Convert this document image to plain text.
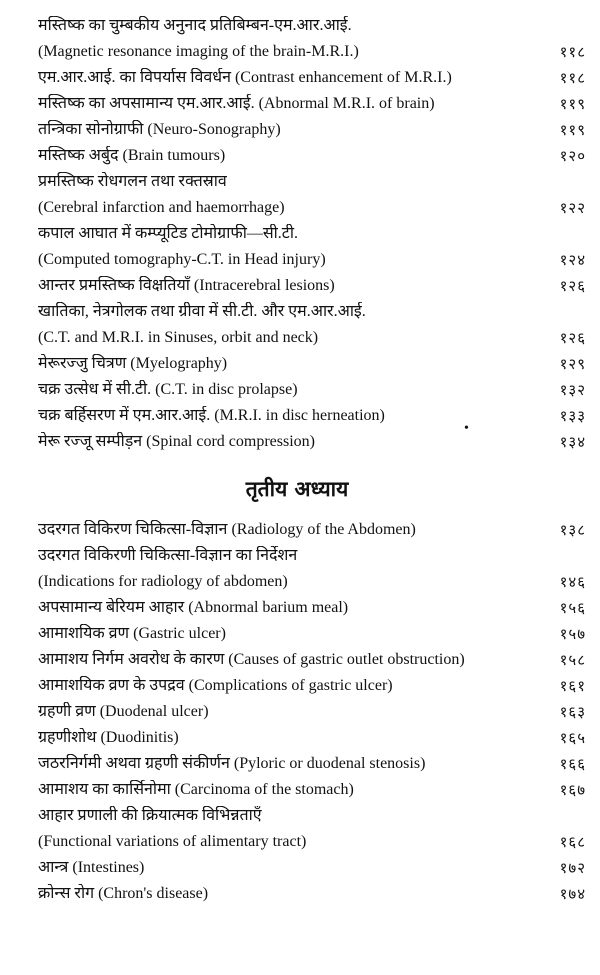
मस्तिष्क का चुम्बकीय अनुनाद प्रतिबिम्बन-एम.आर.आई.
(Magnetic resonance imaging of the brain-M.R.I.)	११८
एम.आर.आई. का विपर्यास विवर्धन (Contrast enhancement of M.R.I.)	११८
मस्तिष्क का अपसामान्य एम.आर.आई. (Abnormal M.R.I. of brain)	११९
तन्त्रिका सोनोग्राफी (Neuro-Sonography)	११९
मस्तिष्क अर्बुद (Brain tumours)	१२०
प्रमस्तिष्क रोधगलन तथा रक्तस्राव
(Cerebral infarction and haemorrhage)	१२२
कपाल आघात में कम्प्यूटिड टोमोग्राफी—सी.टी.
(Computed tomography-C.T. in Head injury)	१२४
आन्तर प्रमस्तिष्क विक्षतियाँ (Intracerebral lesions)	१२६
खातिका, नेत्रगोलक तथा ग्रीवा में सी.टी. और एम.आर.आई.
(C.T. and M.R.I. in Sinuses, orbit and neck)	१२६
मेरूरज्जु चित्रण (Myelography)	१२९
चक्र उत्सेध में सी.टी. (C.T. in disc prolapse)	१३२
चक्र बर्हिसरण में एम.आर.आई. (M.R.I. in disc herneation)	१३३
मेरू रज्जू सम्पीड़न (Spinal cord compression)	१३४
तृतीय अध्याय
उदरगत विकिरण चिकित्सा-विज्ञान (Radiology of the Abdomen)	१३८
उदरगत विकिरणी चिकित्सा-विज्ञान का निर्देशन
(Indications for radiology of abdomen)	१४६
अपसामान्य बेरियम आहार (Abnormal barium meal)	१५६
आमाशयिक व्रण (Gastric ulcer)	१५७
आमाशय निर्गम अवरोध के कारण (Causes of gastric outlet obstruction)	१५८
आमाशयिक व्रण के उपद्रव (Complications of gastric ulcer)	१६१
ग्रहणी व्रण (Duodenal ulcer)	१६३
ग्रहणीशोथ (Duodinitis)	१६५
जठरनिर्गमी अथवा ग्रहणी संकीर्णन (Pyloric or duodenal stenosis)	१६६
आमाशय का कार्सिनोमा (Carcinoma of the stomach)	१६७
आहार प्रणाली की क्रियात्मक विभिन्नताएँ
(Functional variations of alimentary tract)	१६८
आन्त्र (Intestines)	१७२
क्रोन्स रोग (Chron's disease)	१७४
•
